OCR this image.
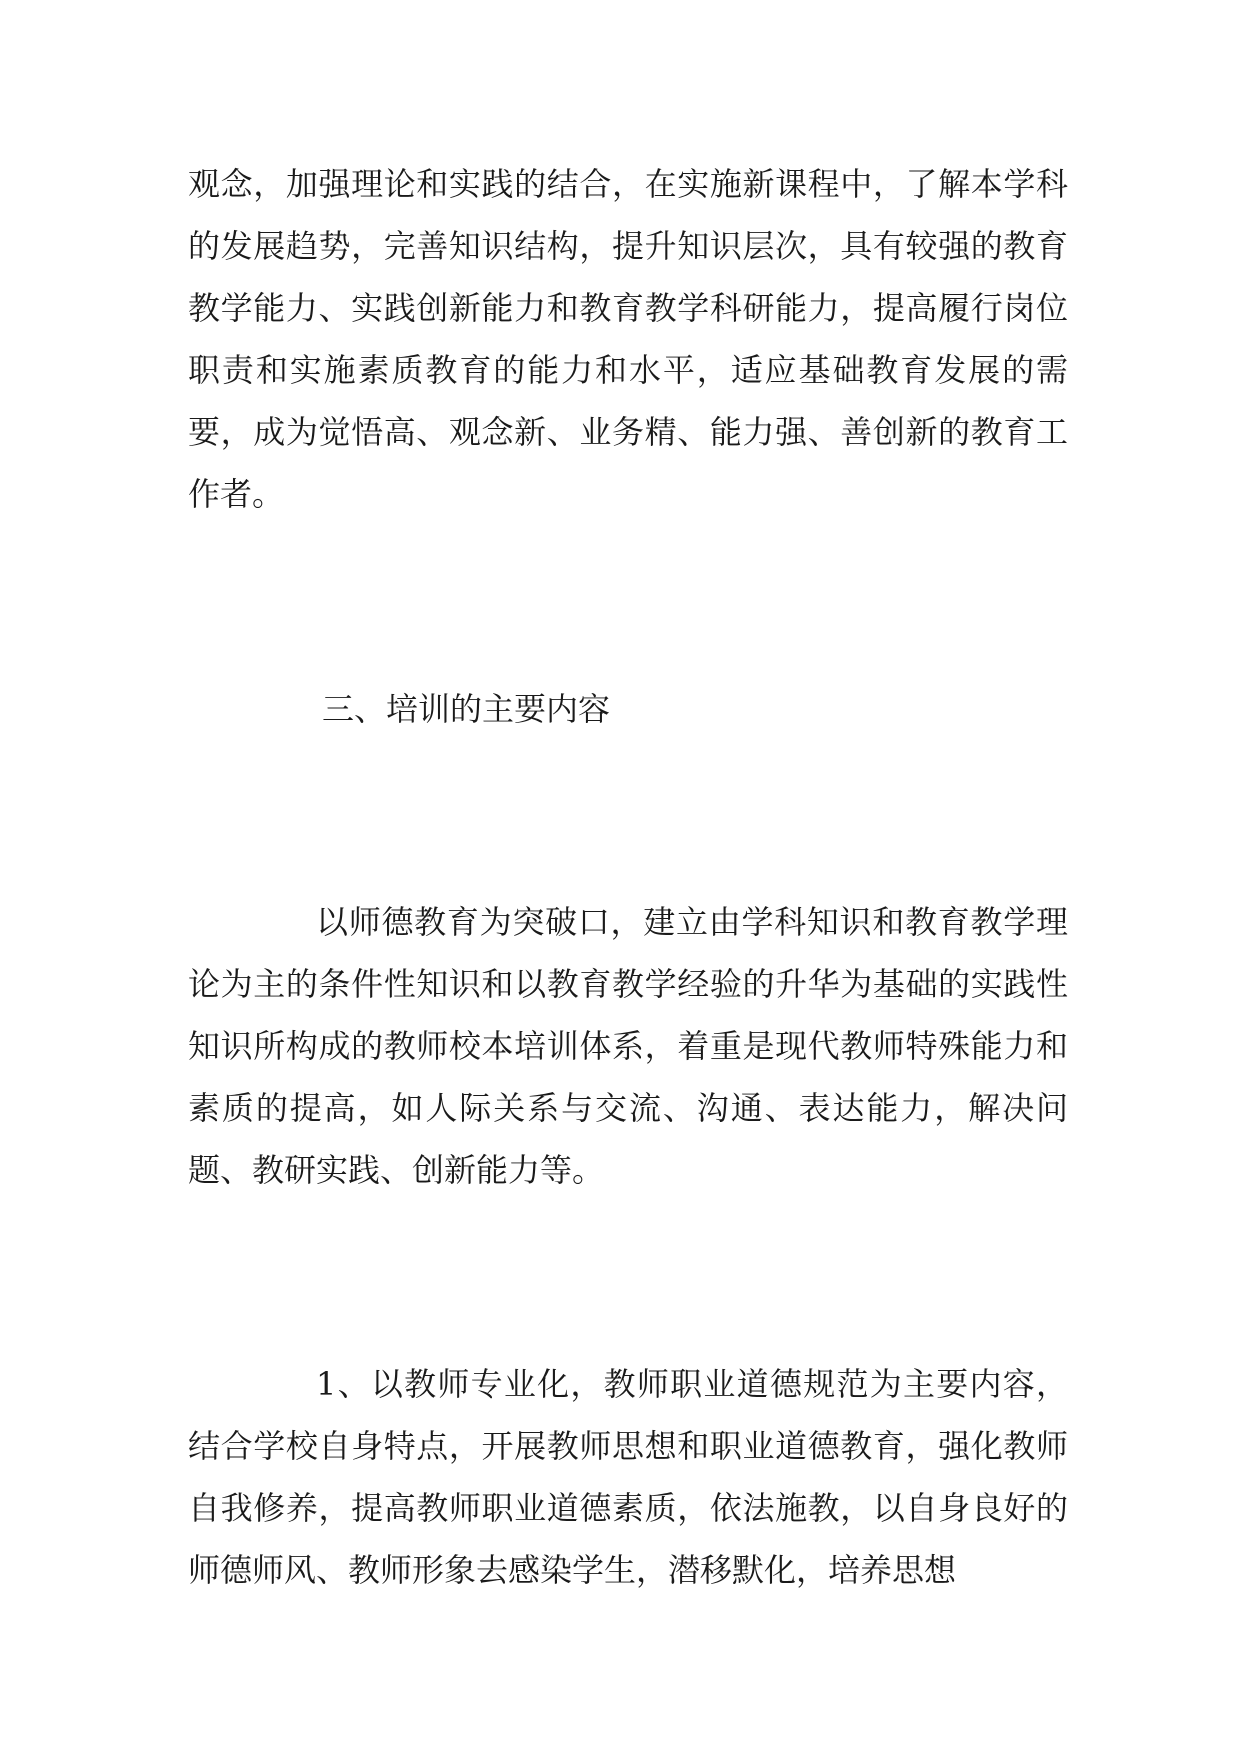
观念，加强理论和实践的结合，在实施新课程中，了解本学科的发展趋势，完善知识结构，提升知识层次，具有较强的教育教学能力、实践创新能力和教育教学科研能力，提高履行岗位职责和实施素质教育的能力和水平，适应基础教育发展的需要，成为觉悟高、观念新、业务精、能力强、善创新的教育工作者。

三、培训的主要内容

以师德教育为突破口，建立由学科知识和教育教学理论为主的条件性知识和以教育教学经验的升华为基础的实践性知识所构成的教师校本培训体系，着重是现代教师特殊能力和素质的提高，如人际关系与交流、沟通、表达能力，解决问题、教研实践、创新能力等。

1、以教师专业化，教师职业道德规范为主要内容，结合学校自身特点，开展教师思想和职业道德教育，强化教师自我修养，提高教师职业道德素质，依法施教，以自身良好的师德师风、教师形象去感染学生，潜移默化，培养思想
